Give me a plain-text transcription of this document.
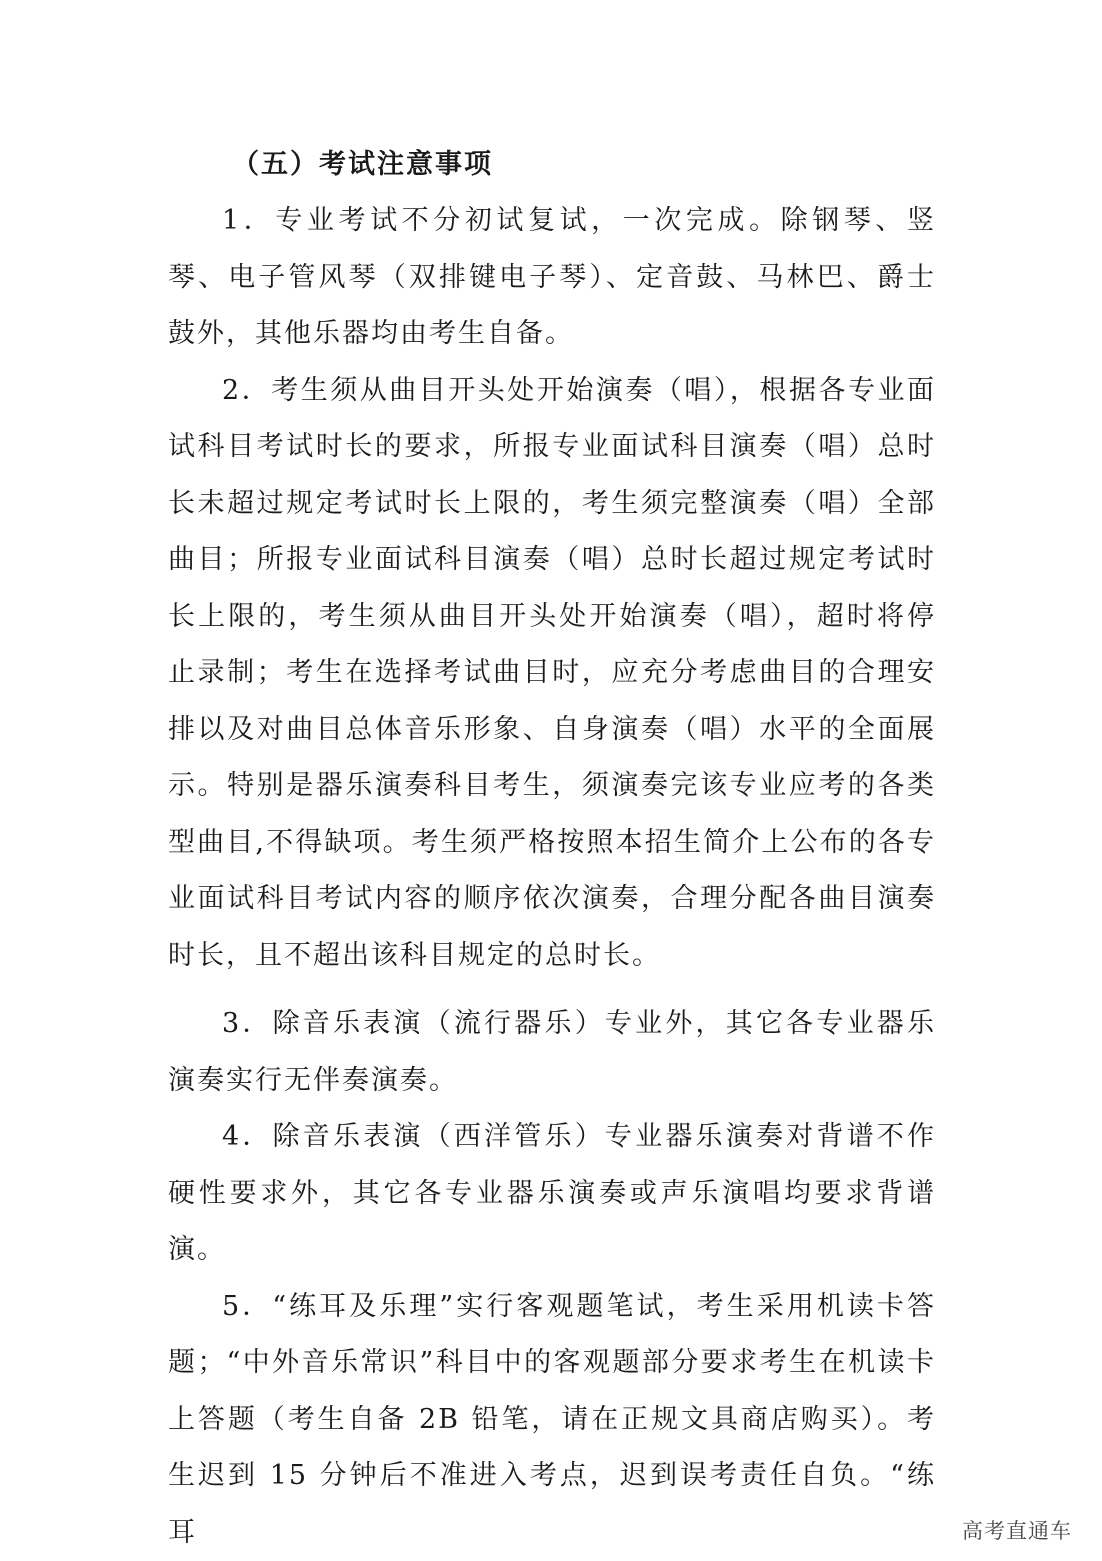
（五）考试注意事项

1．专业考试不分初试复试，一次完成。除钢琴、竖琴、电子管风琴（双排键电子琴）、定音鼓、马林巴、爵士鼓外，其他乐器均由考生自备。

2．考生须从曲目开头处开始演奏（唱），根据各专业面试科目考试时长的要求，所报专业面试科目演奏（唱）总时长未超过规定考试时长上限的，考生须完整演奏（唱）全部曲目；所报专业面试科目演奏（唱）总时长超过规定考试时长上限的，考生须从曲目开头处开始演奏（唱），超时将停止录制；考生在选择考试曲目时，应充分考虑曲目的合理安排以及对曲目总体音乐形象、自身演奏（唱）水平的全面展示。特别是器乐演奏科目考生，须演奏完该专业应考的各类型曲目,不得缺项。考生须严格按照本招生简介上公布的各专业面试科目考试内容的顺序依次演奏，合理分配各曲目演奏时长，且不超出该科目规定的总时长。

3．除音乐表演（流行器乐）专业外，其它各专业器乐演奏实行无伴奏演奏。

4．除音乐表演（西洋管乐）专业器乐演奏对背谱不作硬性要求外，其它各专业器乐演奏或声乐演唱均要求背谱演。

5．“练耳及乐理”实行客观题笔试，考生采用机读卡答题；“中外音乐常识”科目中的客观题部分要求考生在机读卡上答题（考生自备 2B 铅笔，请在正规文具商店购买）。考生迟到 15 分钟后不准进入考点，迟到误考责任自负。“练耳	高考直通车
